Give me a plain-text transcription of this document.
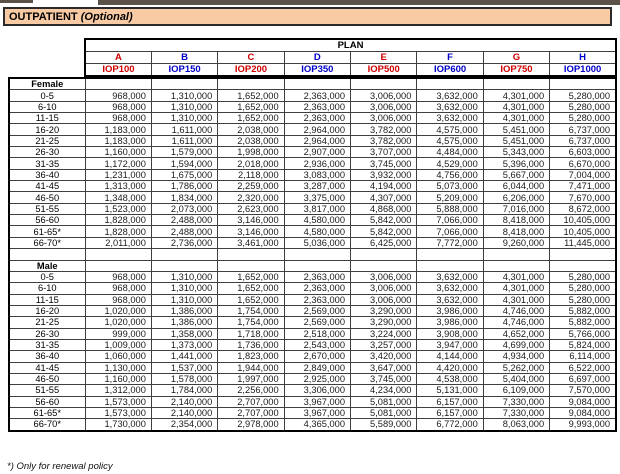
OUTPATIENT
(Optional)
PLAN							
A	B	C	D	E	F	G	H
IOP100	IOP150	IOP200	IOP350	IOP500	IOP600	IOP750	IOP1000
Female								
0-5	968,000	1,310,000	1,652,000	2,363,000	3,006,000	3,632,000	4,301,000	5,280,000
6-10	968,000	1,310,000	1,652,000	2,363,000	3,006,000	3,632,000	4,301,000	5,280,000
11-15	968,000	1,310,000	1,652,000	2,363,000	3,006,000	3,632,000	4,301,000	5,280,000
16-20	1,183,000	1,611,000	2,038,000	2,964,000	3,782,000	4,575,000	5,451,000	6,737,000
21-25	1,183,000	1,611,000	2,038,000	2,964,000	3,782,000	4,575,000	5,451,000	6,737,000
26-30	1,160,000	1,579,000	1,998,000	2,907,000	3,707,000	4,484,000	5,343,000	6,603,000
31-35	1,172,000	1,594,000	2,018,000	2,936,000	3,745,000	4,529,000	5,396,000	6,670,000
36-40	1,231,000	1,675,000	2,118,000	3,083,000	3,932,000	4,756,000	5,667,000	7,004,000
41-45	1,313,000	1,786,000	2,259,000	3,287,000	4,194,000	5,073,000	6,044,000	7,471,000
46-50	1,348,000	1,834,000	2,320,000	3,375,000	4,307,000	5,209,000	6,206,000	7,670,000
51-55	1,523,000	2,073,000	2,623,000	3,817,000	4,868,000	5,888,000	7,016,000	8,672,000
56-60	1,828,000	2,488,000	3,146,000	4,580,000	5,842,000	7,066,000	8,418,000	10,405,000
61-65*	1,828,000	2,488,000	3,146,000	4,580,000	5,842,000	7,066,000	8,418,000	10,405,000
66-70*	2,011,000	2,736,000	3,461,000	5,036,000	6,425,000	7,772,000	9,260,000	11,445,000

Male								
0-5	968,000	1,310,000	1,652,000	2,363,000	3,006,000	3,632,000	4,301,000	5,280,000
6-10	968,000	1,310,000	1,652,000	2,363,000	3,006,000	3,632,000	4,301,000	5,280,000
11-15	968,000	1,310,000	1,652,000	2,363,000	3,006,000	3,632,000	4,301,000	5,280,000
16-20	1,020,000	1,386,000	1,754,000	2,569,000	3,290,000	3,986,000	4,746,000	5,882,000
21-25	1,020,000	1,386,000	1,754,000	2,569,000	3,290,000	3,986,000	4,746,000	5,882,000
26-30	999,000	1,358,000	1,718,000	2,518,000	3,224,000	3,908,000	4,652,000	5,766,000
31-35	1,009,000	1,373,000	1,736,000	2,543,000	3,257,000	3,947,000	4,699,000	5,824,000
36-40	1,060,000	1,441,000	1,823,000	2,670,000	3,420,000	4,144,000	4,934,000	6,114,000
41-45	1,130,000	1,537,000	1,944,000	2,849,000	3,647,000	4,420,000	5,262,000	6,522,000
46-50	1,160,000	1,578,000	1,997,000	2,925,000	3,745,000	4,538,000	5,404,000	6,697,000
51-55	1,312,000	1,784,000	2,256,000	3,306,000	4,234,000	5,131,000	6,109,000	7,570,000
56-60	1,573,000	2,140,000	2,707,000	3,967,000	5,081,000	6,157,000	7,330,000	9,084,000
61-65*	1,573,000	2,140,000	2,707,000	3,967,000	5,081,000	6,157,000	7,330,000	9,084,000
66-70*	1,730,000	2,354,000	2,978,000	4,365,000	5,589,000	6,772,000	8,063,000	9,993,000
*) Only for renewal policy
